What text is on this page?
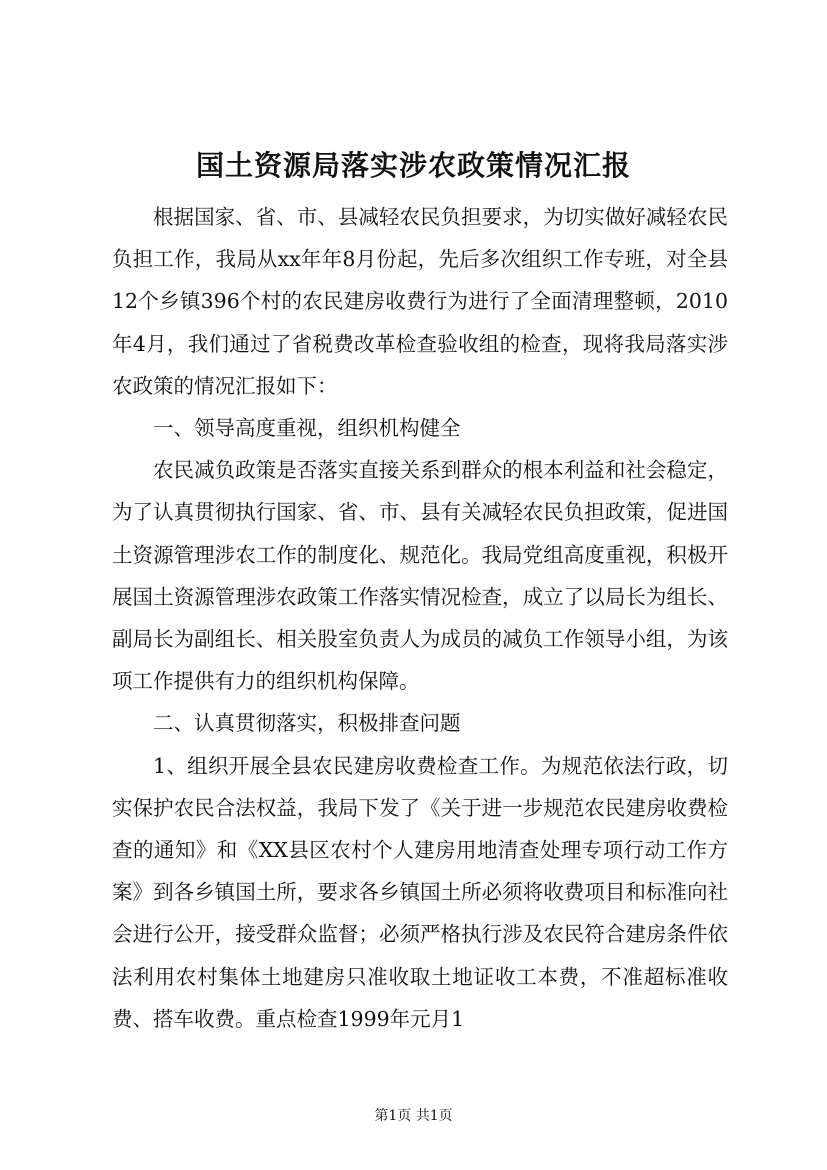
国土资源局落实涉农政策情况汇报

根据国家、省、市、县减轻农民负担要求，为切实做好减轻农民负担工作，我局从xx年年8月份起，先后多次组织工作专班，对全县12个乡镇396个村的农民建房收费行为进行了全面清理整顿，2010年4月，我们通过了省税费改革检查验收组的检查，现将我局落实涉农政策的情况汇报如下：

一、领导高度重视，组织机构健全

农民减负政策是否落实直接关系到群众的根本利益和社会稳定，为了认真贯彻执行国家、省、市、县有关减轻农民负担政策，促进国土资源管理涉农工作的制度化、规范化。我局党组高度重视，积极开展国土资源管理涉农政策工作落实情况检查，成立了以局长为组长、副局长为副组长、相关股室负责人为成员的减负工作领导小组，为该项工作提供有力的组织机构保障。

二、认真贯彻落实，积极排查问题

1、组织开展全县农民建房收费检查工作。为规范依法行政，切实保护农民合法权益，我局下发了《关于进一步规范农民建房收费检查的通知》和《XX县区农村个人建房用地清查处理专项行动工作方案》到各乡镇国土所，要求各乡镇国土所必须将收费项目和标准向社会进行公开，接受群众监督；必须严格执行涉及农民符合建房条件依法利用农村集体土地建房只准收取土地证收工本费，不准超标准收费、搭车收费。重点检查1999年元月1

第1页 共1页
